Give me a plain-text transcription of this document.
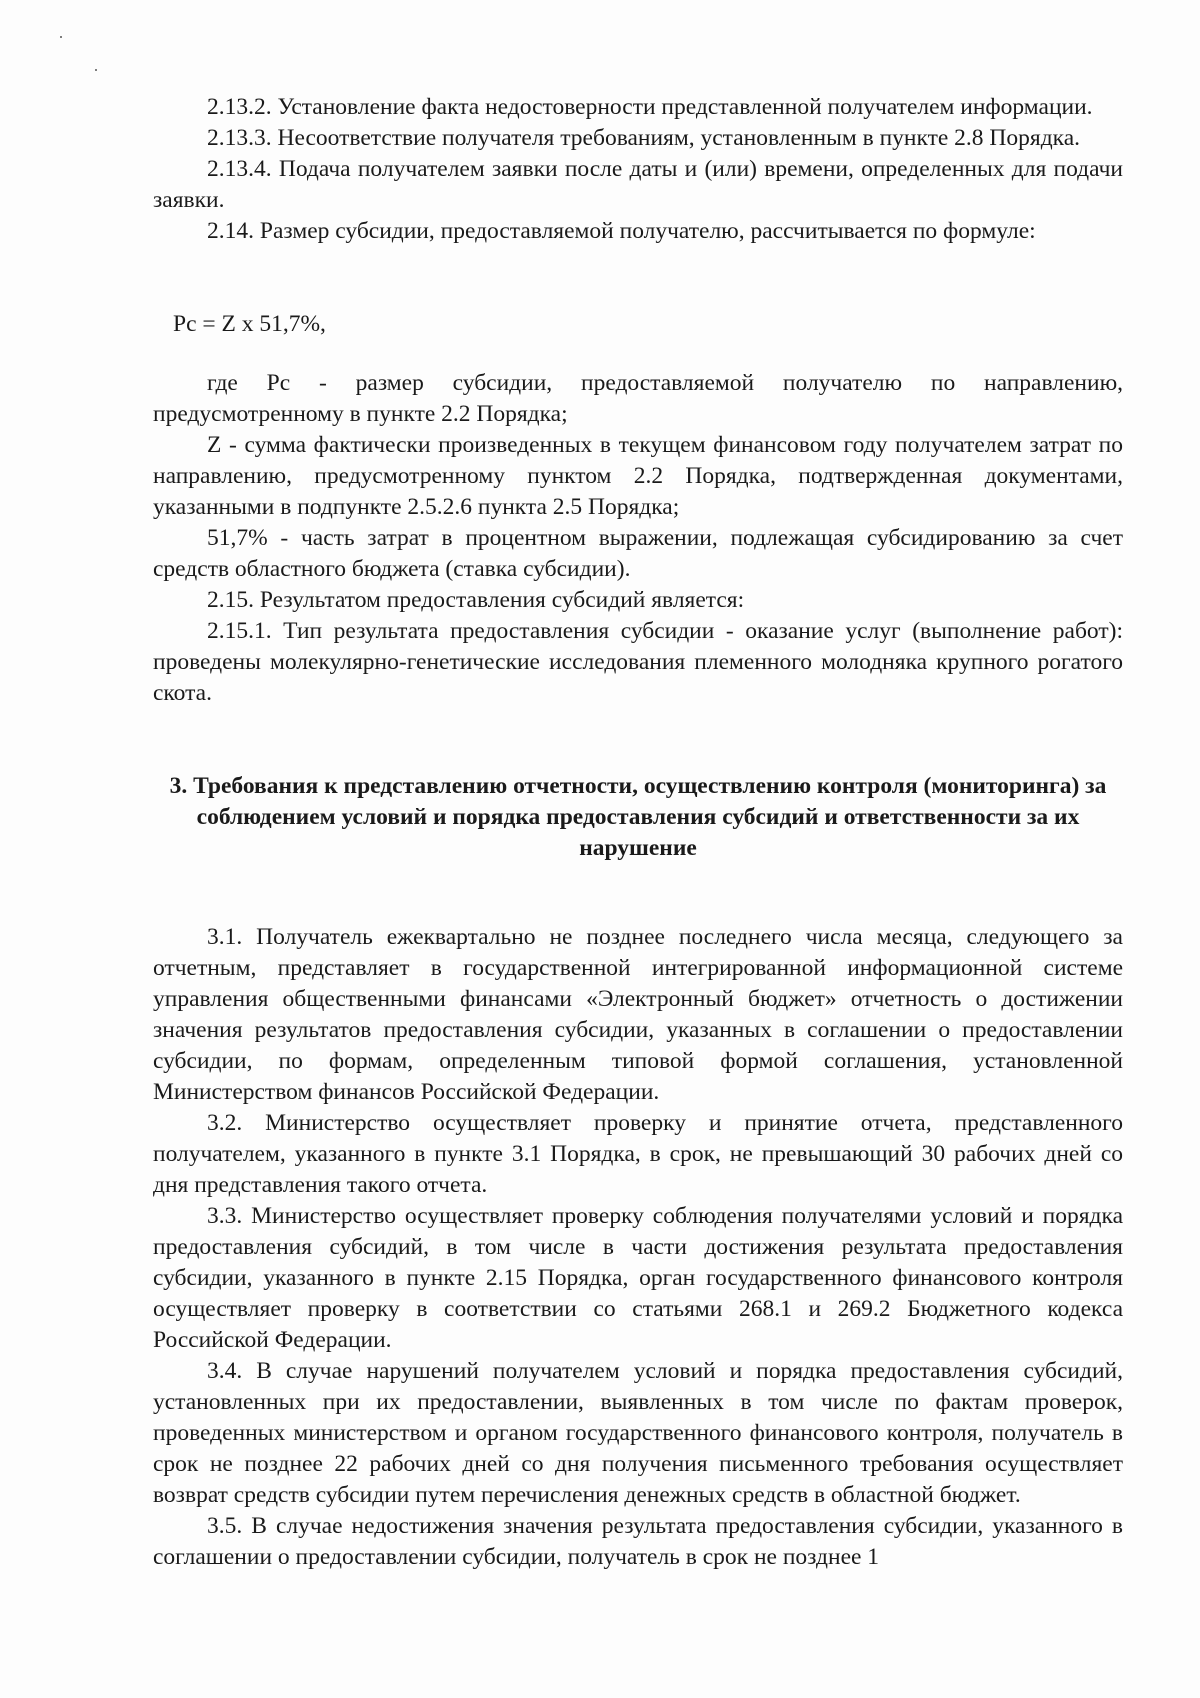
2.13.2. Установление факта недостоверности представленной получателем информации.

2.13.3. Несоответствие получателя требованиям, установленным в пункте 2.8 Порядка.

2.13.4. Подача получателем заявки после даты и (или) времени, определенных для подачи заявки.

2.14. Размер субсидии, предоставляемой получателю, рассчитывается по формуле:

Рс = Z х 51,7%,

где Рс - размер субсидии, предоставляемой получателю по направлению, предусмотренному в пункте 2.2 Порядка;

Z - сумма фактически произведенных в текущем финансовом году получателем затрат по направлению, предусмотренному пунктом 2.2 Порядка, подтвержденная документами, указанными в подпункте 2.5.2.6 пункта 2.5 Порядка;

51,7% - часть затрат в процентном выражении, подлежащая субсидированию за счет средств областного бюджета (ставка субсидии).

2.15. Результатом предоставления субсидий является:

2.15.1. Тип результата предоставления субсидии - оказание услуг (выполнение работ): проведены молекулярно-генетические исследования племенного молодняка крупного рогатого скота.

3. Требования к представлению отчетности, осуществлению контроля (мониторинга) за соблюдением условий и порядка предоставления субсидий и ответственности за их нарушение

3.1. Получатель ежеквартально не позднее последнего числа месяца, следующего за отчетным, представляет в государственной интегрированной информационной системе управления общественными финансами «Электронный бюджет» отчетность о достижении значения результатов предоставления субсидии, указанных в соглашении о предоставлении субсидии, по формам, определенным типовой формой соглашения, установленной Министерством финансов Российской Федерации.

3.2. Министерство осуществляет проверку и принятие отчета, представленного получателем, указанного в пункте 3.1 Порядка, в срок, не превышающий 30 рабочих дней со дня представления такого отчета.

3.3. Министерство осуществляет проверку соблюдения получателями условий и порядка предоставления субсидий, в том числе в части достижения результата предоставления субсидии, указанного в пункте 2.15 Порядка, орган государственного финансового контроля осуществляет проверку в соответствии со статьями 268.1 и 269.2 Бюджетного кодекса Российской Федерации.

3.4. В случае нарушений получателем условий и порядка предоставления субсидий, установленных при их предоставлении, выявленных в том числе по фактам проверок, проведенных министерством и органом государственного финансового контроля, получатель в срок не позднее 22 рабочих дней со дня получения письменного требования осуществляет возврат средств субсидии путем перечисления денежных средств в областной бюджет.

3.5. В случае недостижения значения результата предоставления субсидии, указанного в соглашении о предоставлении субсидии, получатель в срок не позднее 1
